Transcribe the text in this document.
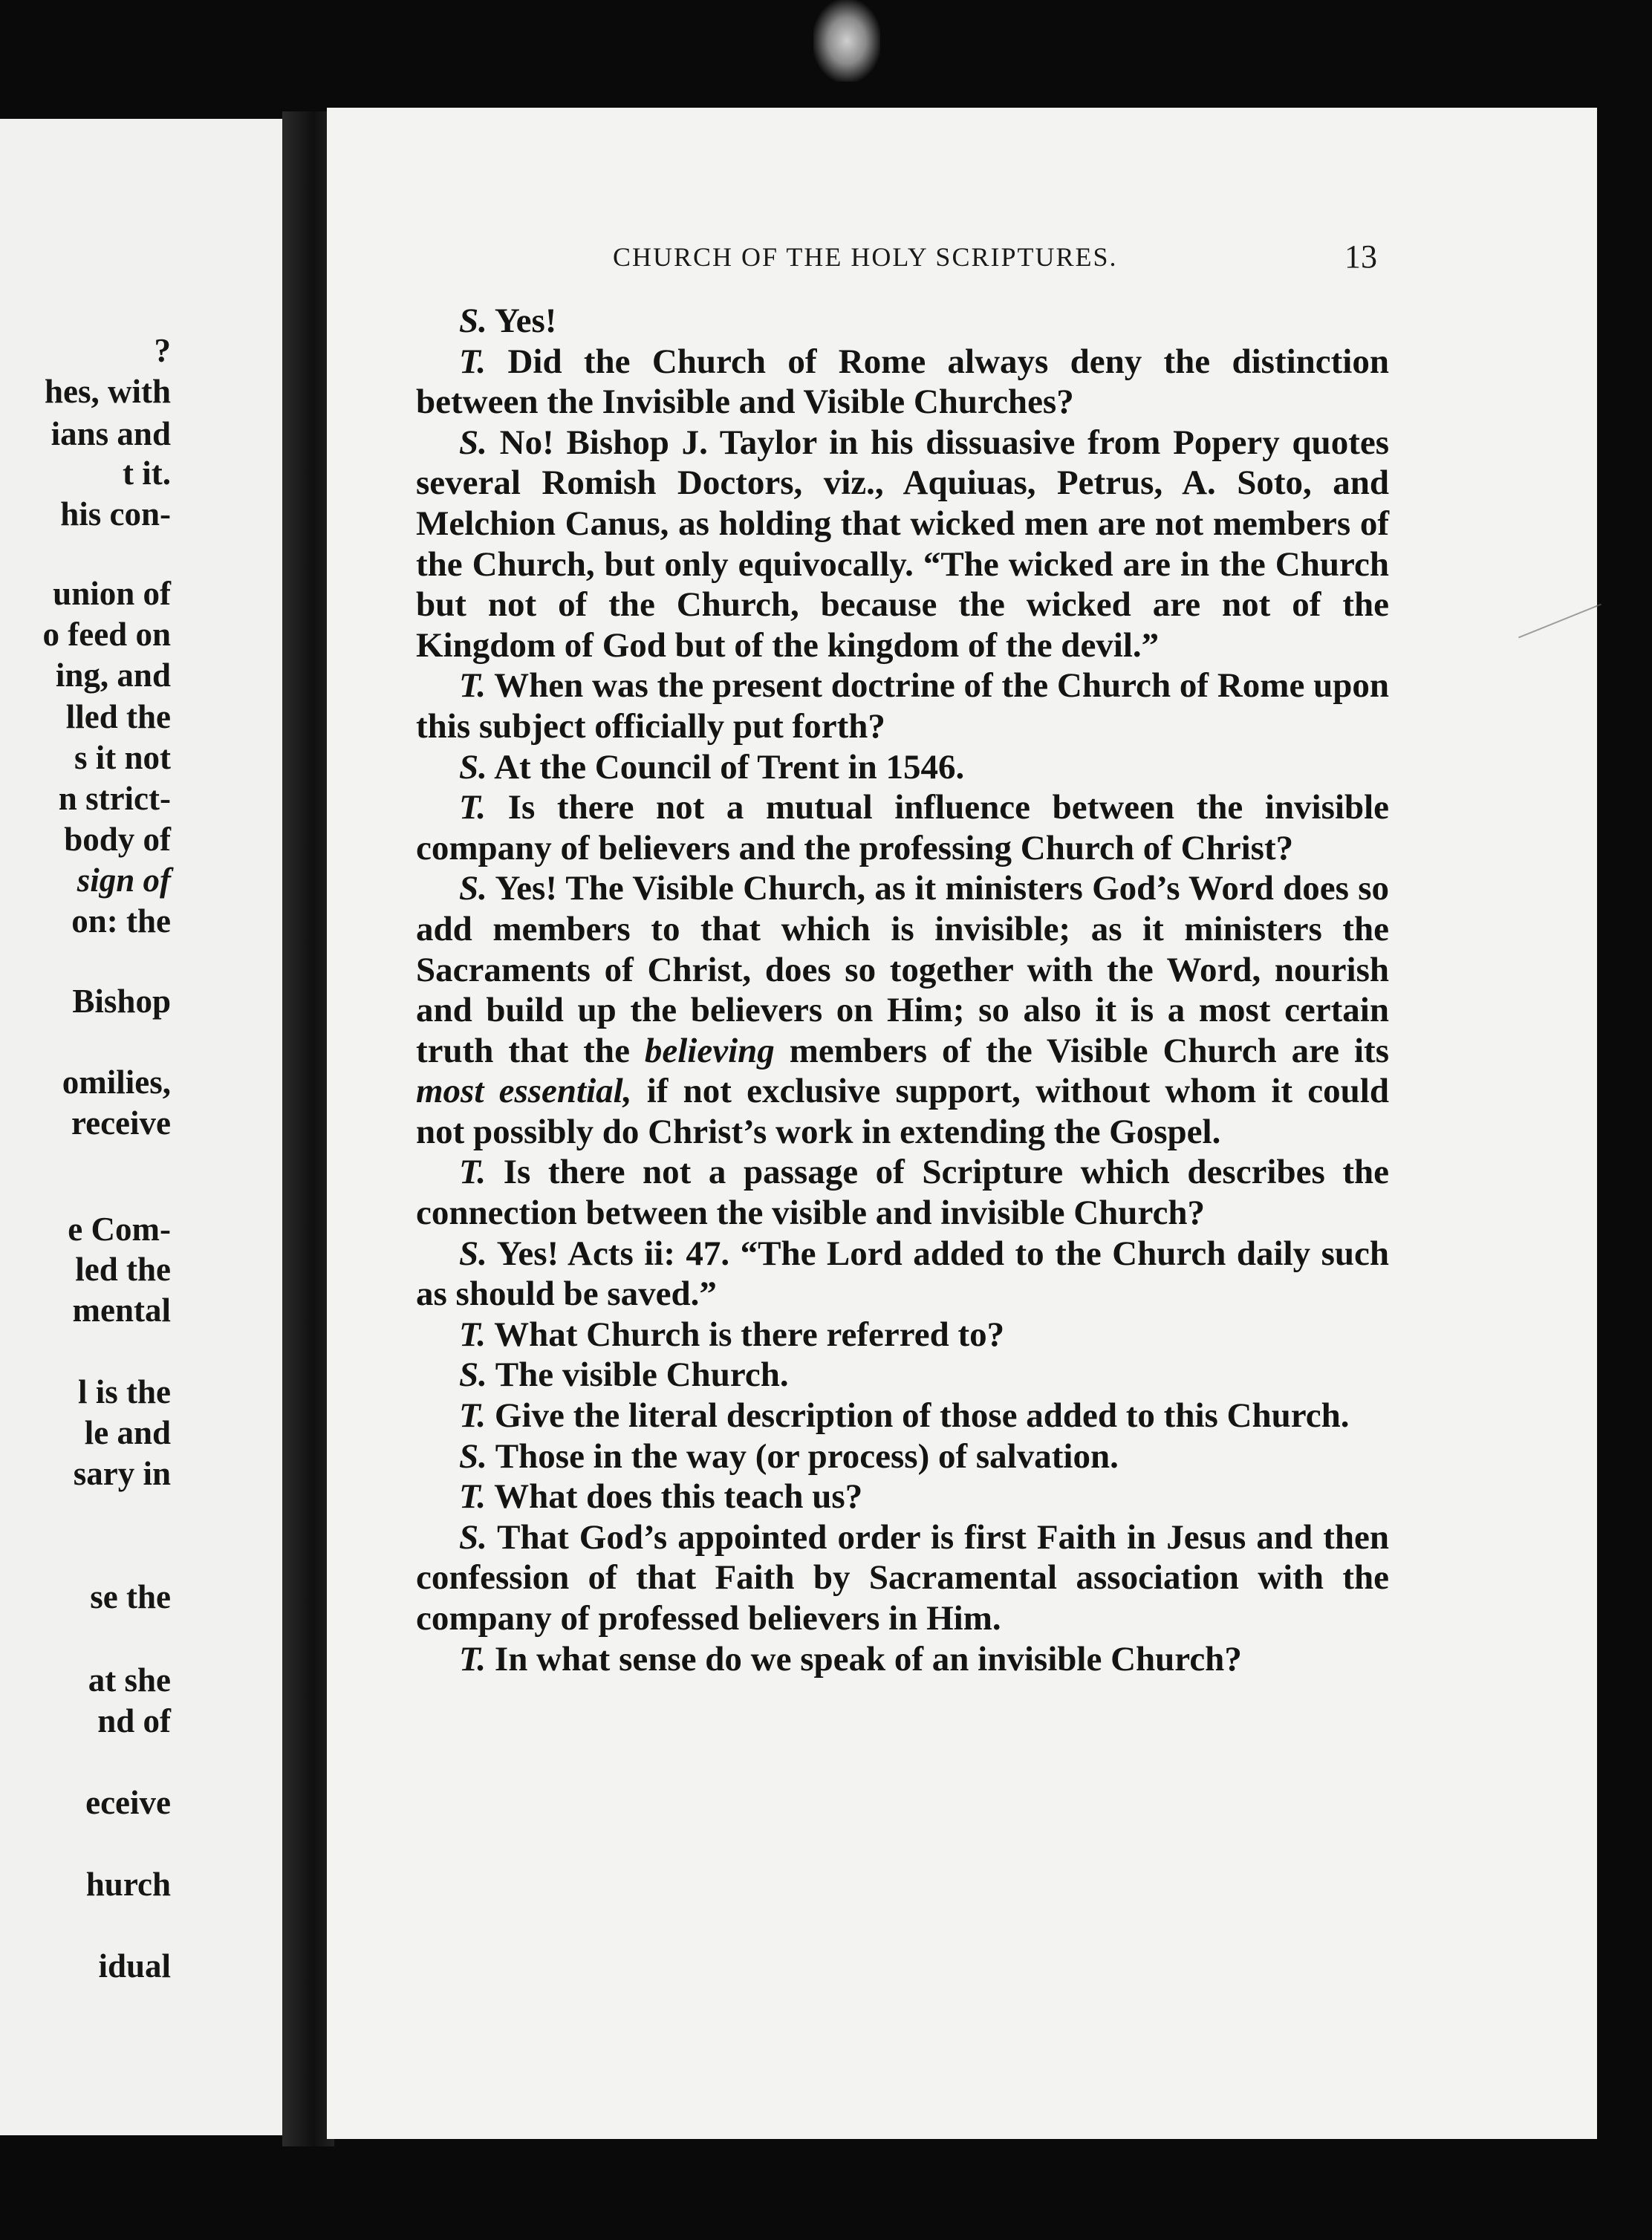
?
hes, with
ians and
t it.
his con-
union of
o feed on
ing, and
lled the
s it not
n strict-
body of
sign of
on: the
Bishop
omilies,
receive
e Com-
led the
mental
l is the
le and
sary in
se the
at she
nd of
eceive
hurch
idual
CHURCH OF THE HOLY SCRIPTURES.	13

S. Yes!

T. Did the Church of Rome always deny the distinction between the Invisible and Visible Churches?

S. No! Bishop J. Taylor in his dissuasive from Popery quotes several Romish Doctors, viz., Aquiuas, Petrus, A. Soto, and Melchion Canus, as holding that wicked men are not members of the Church, but only equivocally. “The wicked are in the Church but not of the Church, because the wicked are not of the Kingdom of God but of the kingdom of the devil.”

T. When was the present doctrine of the Church of Rome upon this subject officially put forth?

S. At the Council of Trent in 1546.

T. Is there not a mutual influence between the invisible company of believers and the professing Church of Christ?

S. Yes! The Visible Church, as it ministers God’s Word does so add members to that which is invisible; as it ministers the Sacraments of Christ, does so together with the Word, nourish and build up the believers on Him; so also it is a most certain truth that the believing members of the Visible Church are its most essential, if not exclusive support, without whom it could not possibly do Christ’s work in extending the Gospel.

T. Is there not a passage of Scripture which describes the connection between the visible and invisible Church?

S. Yes! Acts ii: 47. “The Lord added to the Church daily such as should be saved.”

T. What Church is there referred to?

S. The visible Church.

T. Give the literal description of those added to this Church.

S. Those in the way (or process) of salvation.

T. What does this teach us?

S. That God’s appointed order is first Faith in Jesus and then confession of that Faith by Sacramental association with the company of professed believers in Him.

T. In what sense do we speak of an invisible Church?
